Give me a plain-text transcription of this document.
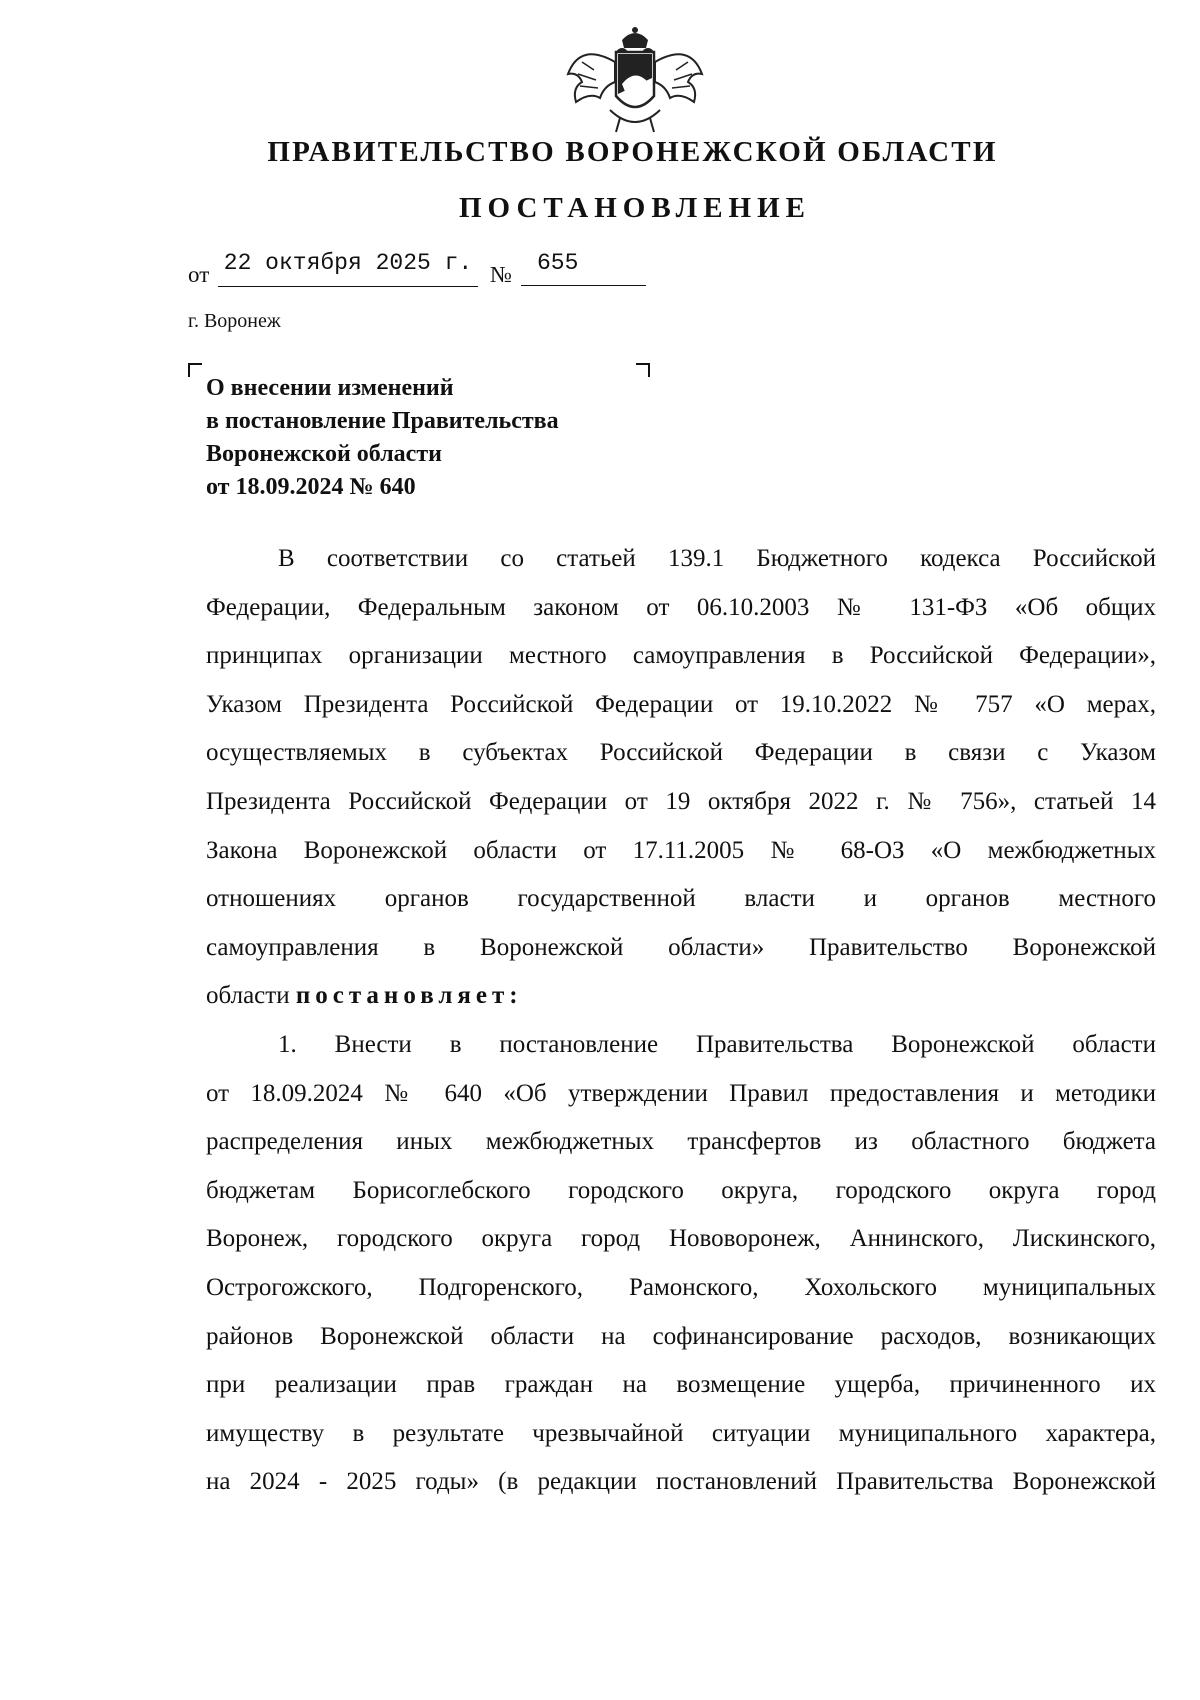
ПРАВИТЕЛЬСТВО ВОРОНЕЖСКОЙ ОБЛАСТИ
ПОСТАНОВЛЕНИЕ
от 22 октября 2025 г. №	655
г. Воронеж
О внесении изменений
в постановление Правительства
Воронежской области
от 18.09.2024 № 640
В соответствии со статьей 139.1 Бюджетного кодекса Российской
Федерации, Федеральным законом от 06.10.2003 № 131-ФЗ «Об общих
принципах организации местного самоуправления в Российской Федерации»,
Указом Президента Российской Федерации от 19.10.2022 № 757 «О мерах,
осуществляемых в субъектах Российской Федерации в связи с Указом
Президента Российской Федерации от 19 октября 2022 г. № 756», статьей 14
Закона Воронежской области от 17.11.2005 № 68-ОЗ «О межбюджетных
отношениях органов государственной власти и органов местного
самоуправления в Воронежской области» Правительство Воронежской
области постановляет:
1. Внести в постановление Правительства Воронежской области
от 18.09.2024 № 640 «Об утверждении Правил предоставления и методики
распределения иных межбюджетных трансфертов из областного бюджета
бюджетам Борисоглебского городского округа, городского округа город
Воронеж, городского округа город Нововоронеж, Аннинского, Лискинского,
Острогожского, Подгоренского, Рамонского, Хохольского муниципальных
районов Воронежской области на софинансирование расходов, возникающих
при реализации прав граждан на возмещение ущерба, причиненного их
имуществу в результате чрезвычайной ситуации муниципального характера,
на 2024 - 2025 годы» (в редакции постановлений Правительства Воронежской
